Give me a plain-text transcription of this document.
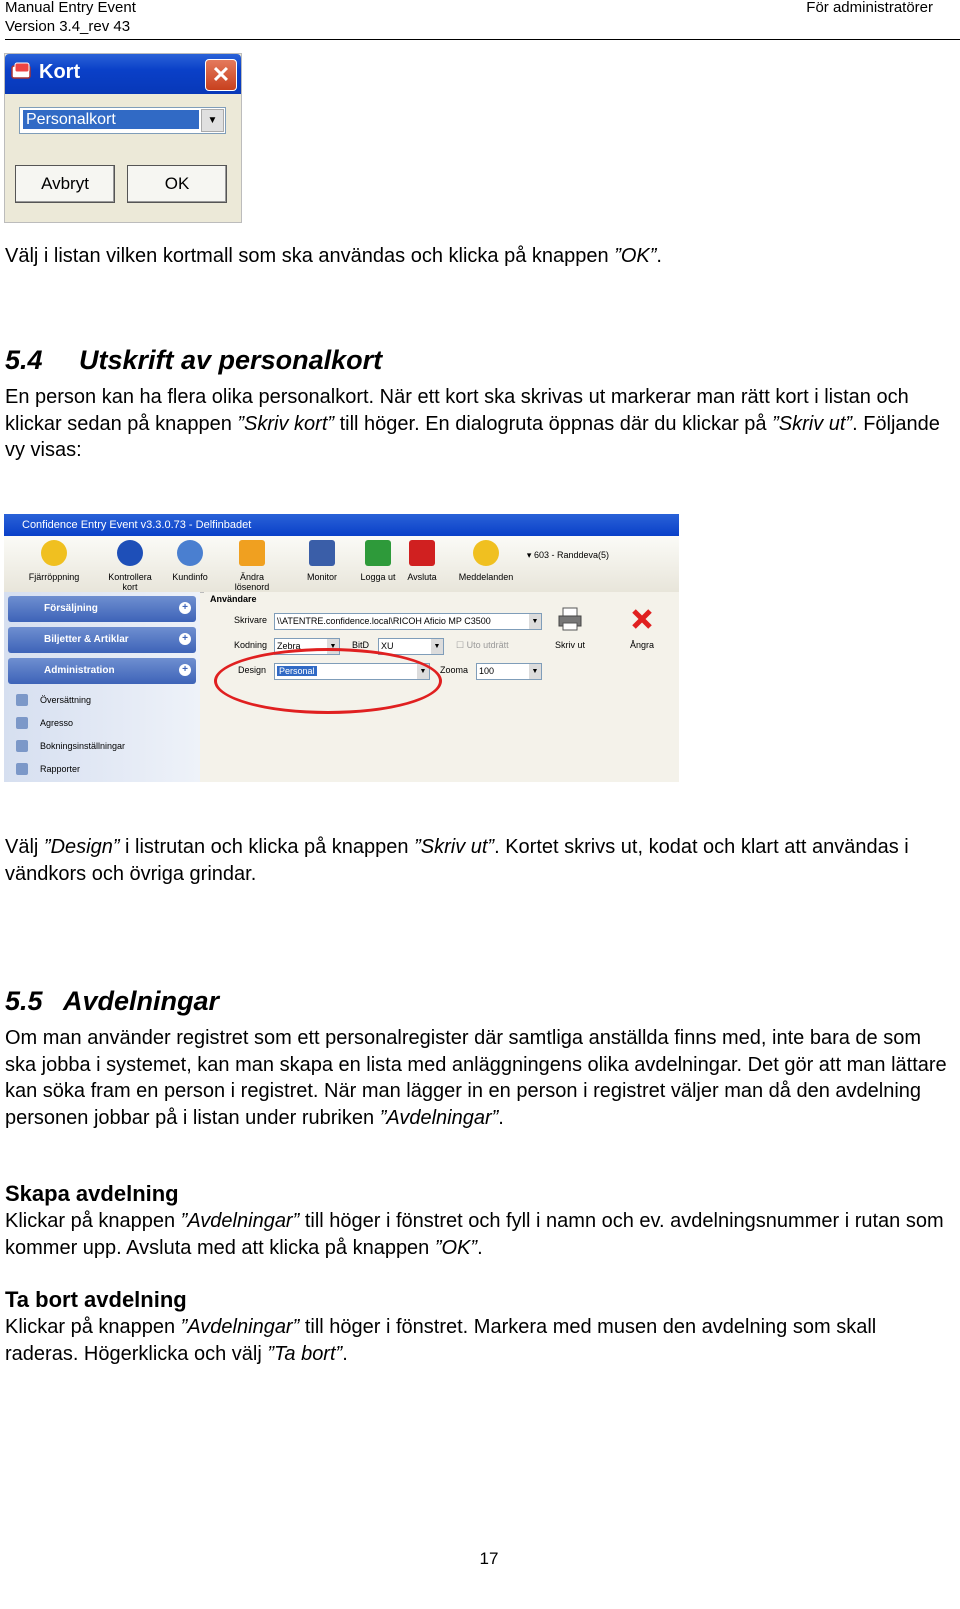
Manual Entry Event
Version 3.4_rev 43
För administratörer
Kort	✕
Personalkort	▼
Avbryt	OK

Välj i listan vilken kortmall som ska användas och klicka på knappen ”OK”.

5.4 Utskrift av personalkort

En person kan ha flera olika personalkort. När ett kort ska skrivas ut markerar man rätt kort i listan och klickar sedan på knappen ”Skriv kort” till höger. En dialogruta öppnas där du klickar på ”Skriv ut”. Följande vy visas:

Confidence Entry Event v3.3.0.73 - Delfinbadet
Fjärröppning	Kontrollera kort
Kundinfo	Ändra lösenord
Monitor	Logga ut	Avsluta	Meddelanden
▾ 603 - Randdeva(5)
Försäljning	+
Biljetter & Artiklar	+
Administration	+
Översättning
Agresso
Bokningsinställningar
Rapporter
Användare
Skrivare	\\ATENTRE.confidence.local\RICOH Aficio MP C3500	▼
Kodning	Zebra	▼ BitD	XU	▼ ☐ Uto utdrätt
Design	Personal	▼ Zooma	100	▼
Skriv ut	Ångra

Välj ”Design” i listrutan och klicka på knappen ”Skriv ut”. Kortet skrivs ut, kodat och klart att användas i vändkors och övriga grindar.

5.5 Avdelningar

Om man använder registret som ett personalregister där samtliga anställda finns med, inte bara de som ska jobba i systemet, kan man skapa en lista med anläggningens olika avdelningar. Det gör att man lättare kan söka fram en person i registret. När man lägger in en person i registret väljer man då den avdelning personen jobbar på i listan under rubriken ”Avdelningar”.

Skapa avdelning

Klickar på knappen ”Avdelningar” till höger i fönstret och fyll i namn och ev. avdelningsnummer i rutan som kommer upp. Avsluta med att klicka på knappen ”OK”.

Ta bort avdelning

Klickar på knappen ”Avdelningar” till höger i fönstret. Markera med musen den avdelning som skall raderas. Högerklicka och välj ”Ta bort”.

17
